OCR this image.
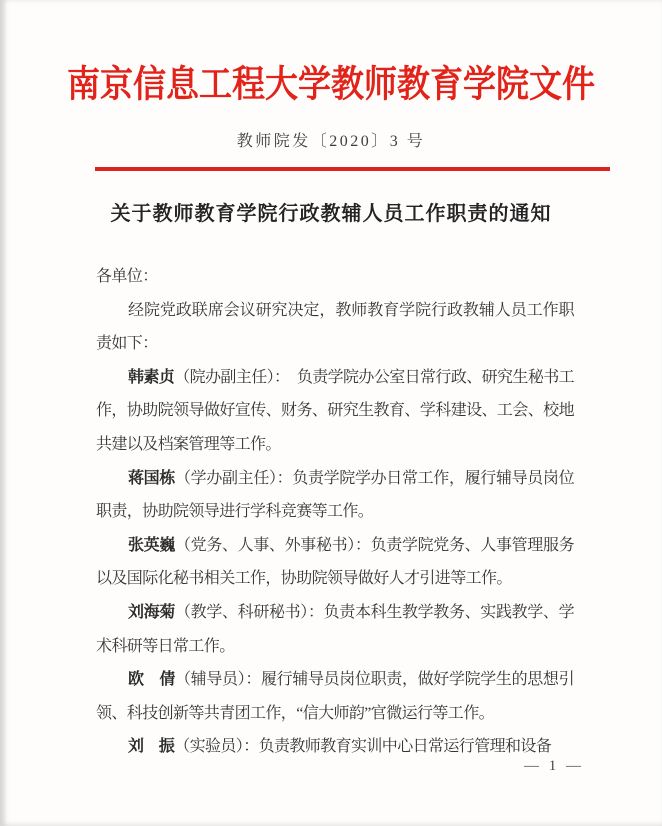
南京信息工程大学教师教育学院文件
教师院发〔2020〕3 号
关于教师教育学院行政教辅人员工作职责的通知

各单位：

经院党政联席会议研究决定，教师教育学院行政教辅人员工作职责如下：

韩素贞（院办副主任）：　负责学院办公室日常行政、研究生秘书工作，协助院领导做好宣传、财务、研究生教育、学科建设、工会、校地共建以及档案管理等工作。

蒋国栋（学办副主任）：负责学院学办日常工作，履行辅导员岗位职责，协助院领导进行学科竞赛等工作。

张英巍（党务、人事、外事秘书）：负责学院党务、人事管理服务以及国际化秘书相关工作，协助院领导做好人才引进等工作。

刘海菊（教学、科研秘书）：负责本科生教学教务、实践教学、学术科研等日常工作。

欧　倩（辅导员）：履行辅导员岗位职责，做好学院学生的思想引领、科技创新等共青团工作，“信大师韵”官微运行等工作。

刘　振（实验员）：负责教师教育实训中心日常运行管理和设备

— 1 —
